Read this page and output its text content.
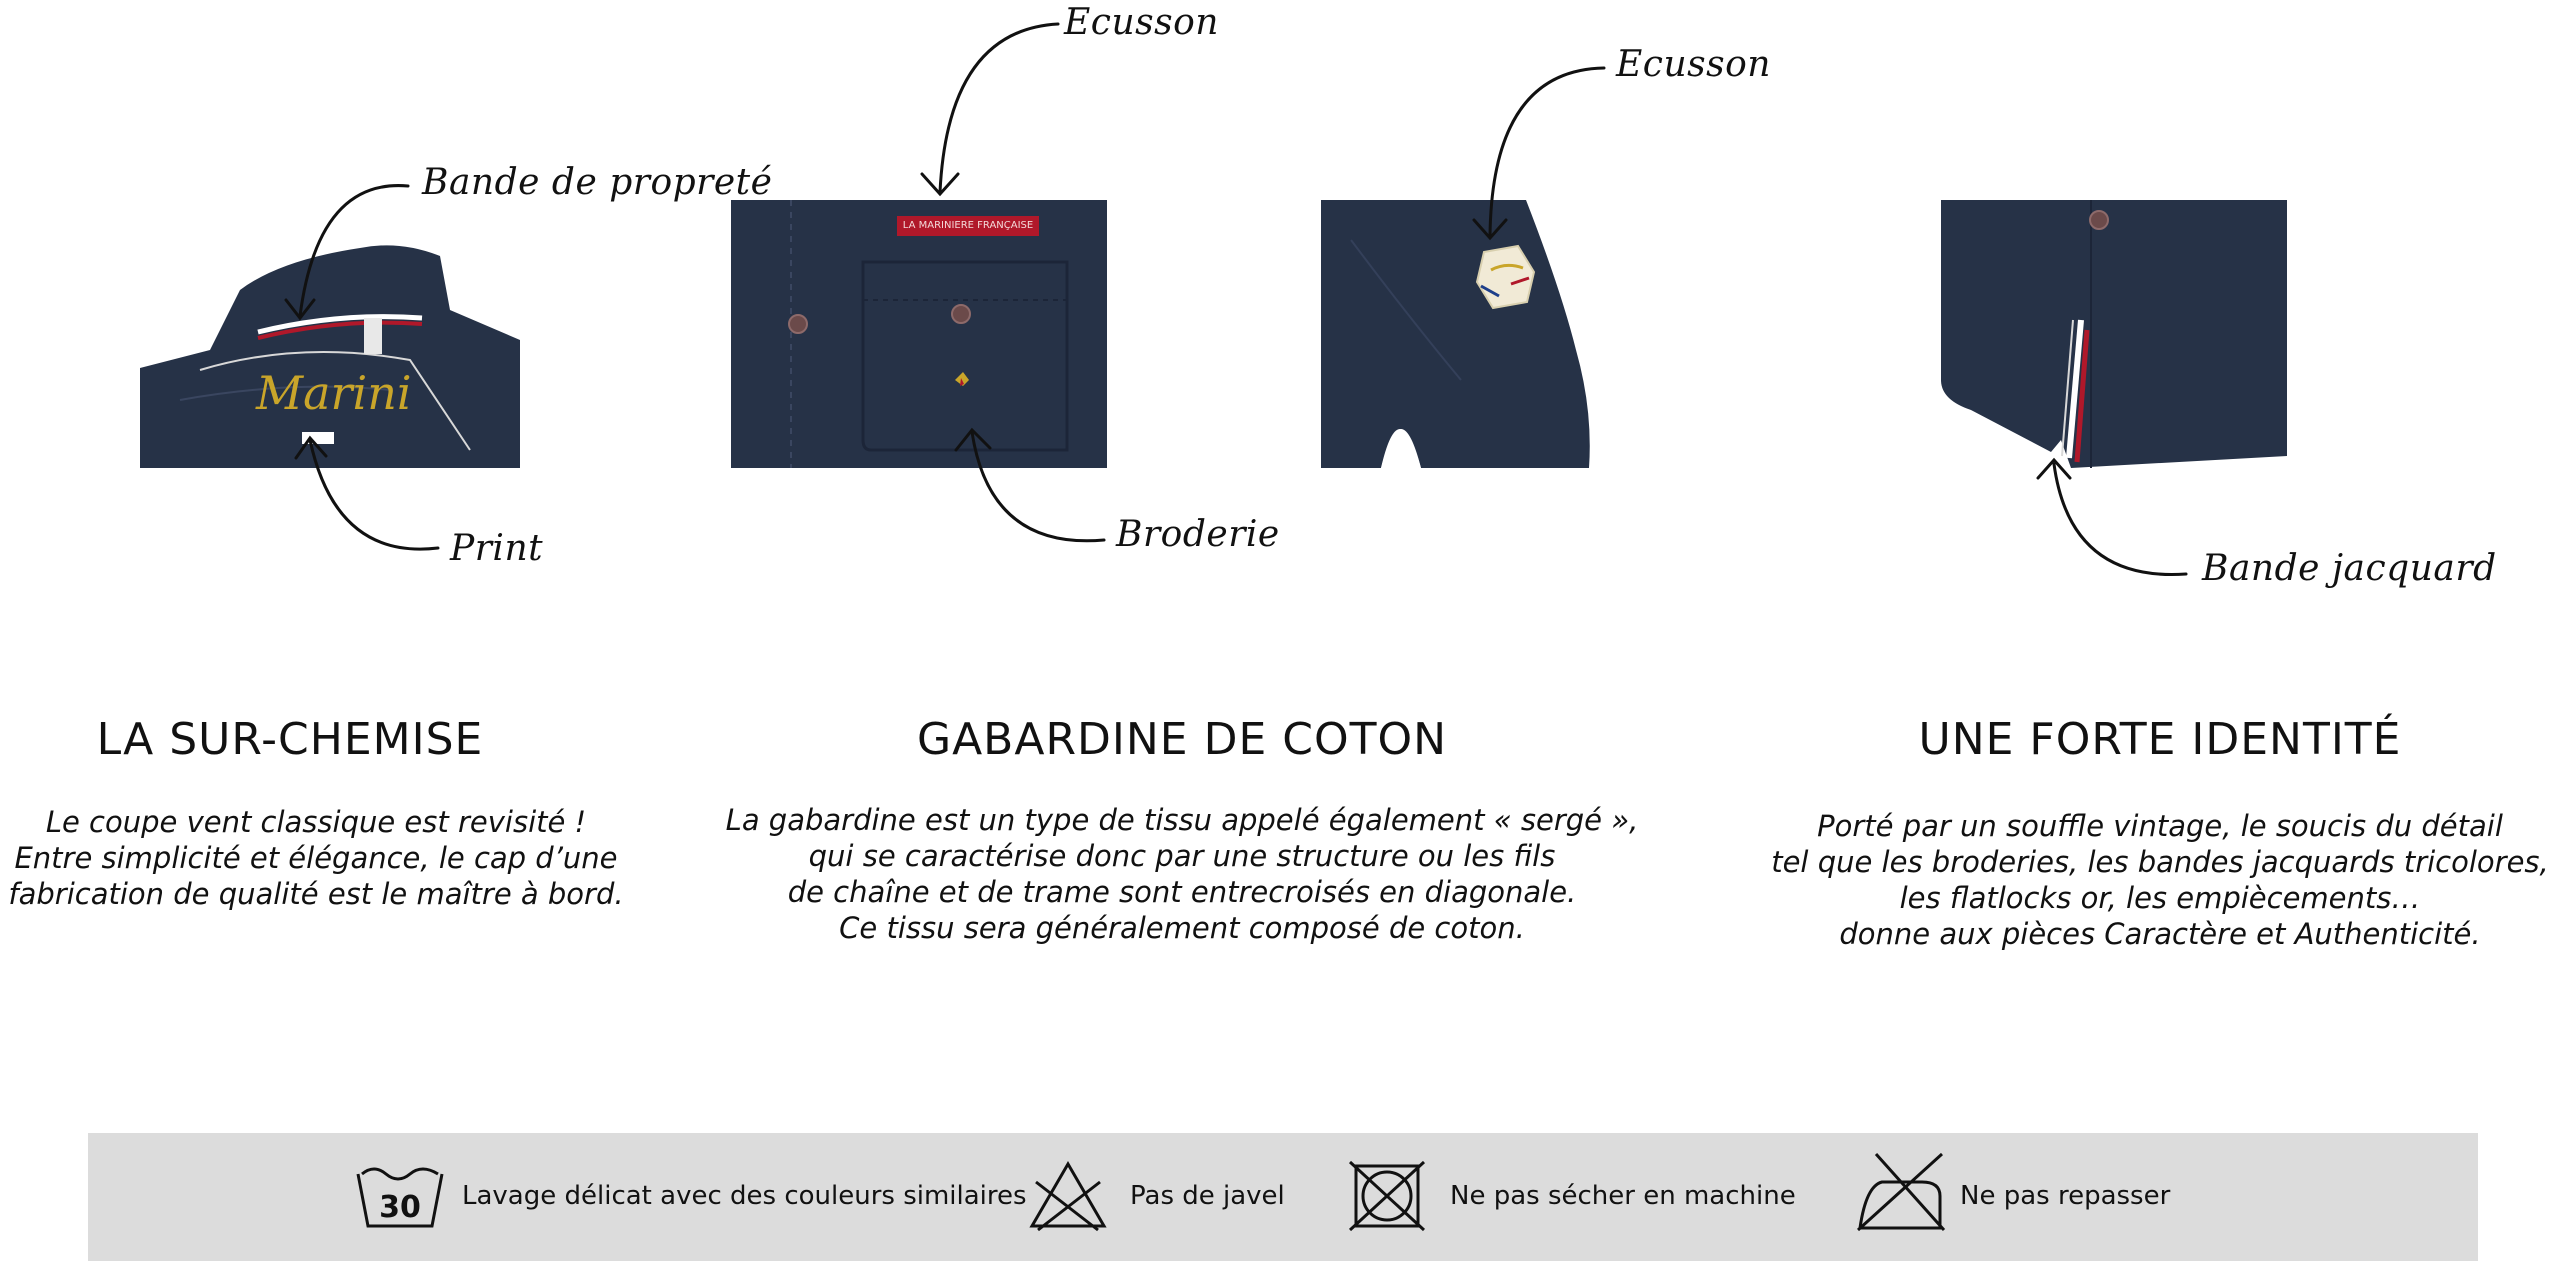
Marini
LA MARINIERE FRANÇAISE
Bande de propreté
Print
Ecusson
Broderie
Ecusson
Bande jacquard
LA SUR-CHEMISE
Le coupe vent classique est revisité !
Entre simplicité et élégance, le cap d’une
fabrication de qualité est le maître à bord.
GABARDINE DE COTON
La gabardine est un type de tissu appelé également « sergé »,
qui se caractérise donc par une structure ou les fils
de chaîne et de trame sont entrecroisés en diagonale.
Ce tissu sera généralement composé de coton.
UNE FORTE IDENTITÉ
Porté par un souffle vintage, le soucis du détail
tel que les broderies, les bandes jacquards tricolores,
les flatlocks or, les empiècements…
donne aux pièces Caractère et Authenticité.
30	Lavage délicat avec des couleurs similaires	Pas de javel	Ne pas sécher en machine	Ne pas repasser
